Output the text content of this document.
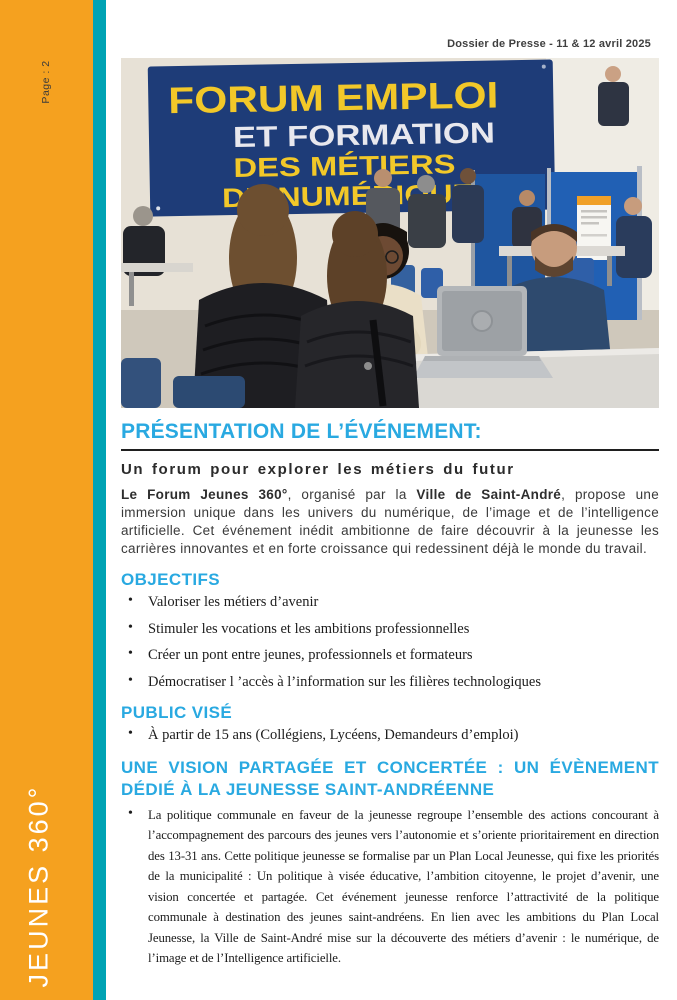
Page : 2
JEUNES 360°
Dossier de Presse - 11 & 12 avril 2025
FORUM EMPLOI
ET FORMATION
DES MÉTIERS
DU NUMÉRIQUE
PRÉSENTATION DE L’ÉVÉNEMENT:

Un forum pour explorer les métiers du futur

Le Forum Jeunes 360°, organisé par la Ville de Saint-André, propose une immersion unique dans les univers du numérique, de l’image et de l’intelligence artificielle. Cet événement inédit ambitionne de faire découvrir à la jeunesse les carrières innovantes et en forte croissance qui redessinent déjà le monde du travail.

OBJECTIFS
• Valoriser les métiers d’avenir
• Stimuler les vocations et les ambitions professionnelles
• Créer un pont entre jeunes, professionnels et formateurs
• Démocratiser l ’accès à l’information sur les filières technologiques
PUBLIC VISÉ
• À partir de 15 ans (Collégiens, Lycéens, Demandeurs d’emploi)
UNE VISION PARTAGÉE ET CONCERTÉE : UN ÉVÈNEMENT DÉDIÉ À LA JEUNESSE SAINT-ANDRÉENNE
• La politique communale en faveur de la jeunesse regroupe l’ensemble des actions concourant à l’accompagnement des parcours des jeunes vers l’autonomie et s’oriente prioritairement en direction des 13-31 ans. Cette politique jeunesse se formalise par un Plan Local Jeunesse, qui fixe les priorités de la municipalité : Un politique à visée éducative, l’ambition citoyenne, le projet d’avenir, une vision concertée et partagée. Cet événement jeunesse renforce l’attractivité de la politique communale à destination des jeunes saint-andréens. En lien avec les ambitions du Plan Local Jeunesse, la Ville de Saint-André mise sur la découverte des métiers d’avenir : le numérique, de l’image et de l’Intelligence artificielle.
